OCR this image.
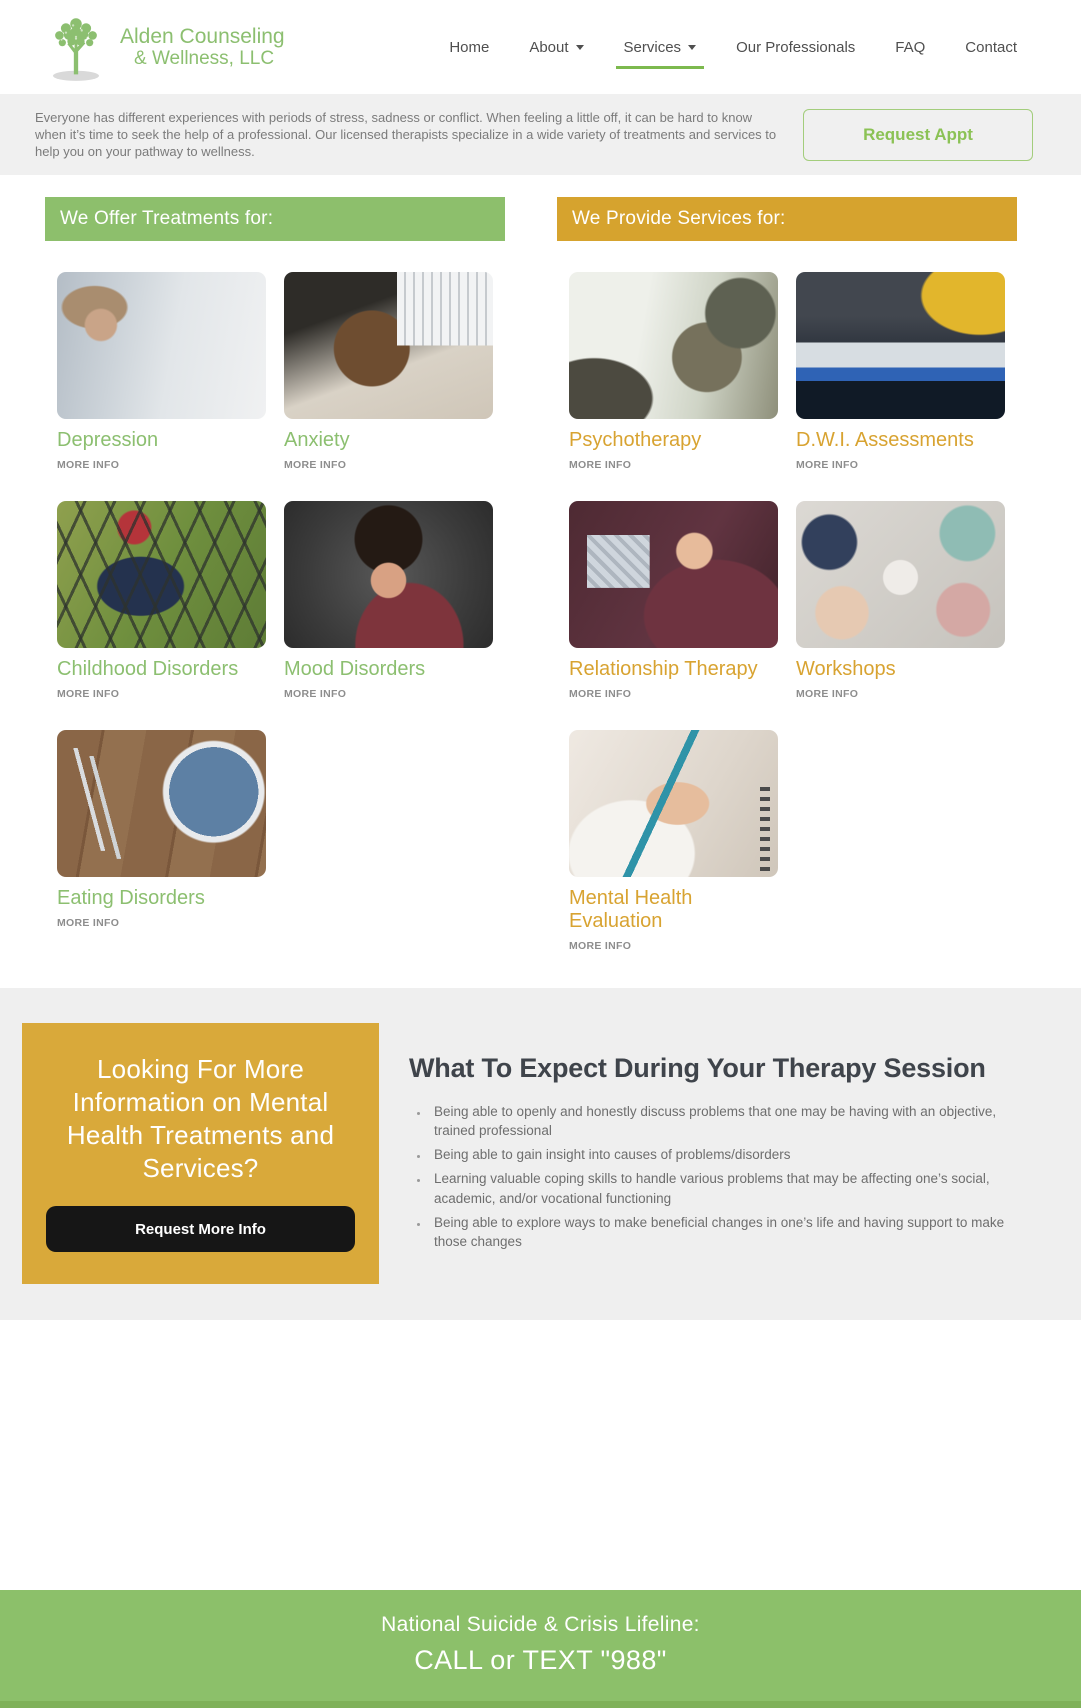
Alden Counseling
& Wellness, LLC
Home	About	Services	Our Professionals	FAQ	Contact

Everyone has different experiences with periods of stress, sadness or conflict. When feeling a little off, it can be hard to know when it’s time to seek the help of a professional. Our licensed therapists specialize in a wide variety of treatments and services to help you on your pathway to wellness.

Request Appt
We Offer Treatments for:
Depression
MORE INFO
Anxiety
MORE INFO
Childhood Disorders
MORE INFO
Mood Disorders
MORE INFO
Eating Disorders
MORE INFO
We Provide Services for:
Psychotherapy
MORE INFO
D.W.I. Assessments
MORE INFO
Relationship Therapy
MORE INFO
Workshops
MORE INFO
Mental Health Evaluation
MORE INFO
Looking For More Information on Mental Health Treatments and Services?
Request More Info
What To Expect During Your Therapy Session
• Being able to openly and honestly discuss problems that one may be having with an objective, trained professional
• Being able to gain insight into causes of problems/disorders
• Learning valuable coping skills to handle various problems that may be affecting one’s social, academic, and/or vocational functioning
• Being able to explore ways to make beneficial changes in one’s life and having support to make those changes
National Suicide & Crisis Lifeline:
CALL or TEXT "988"
